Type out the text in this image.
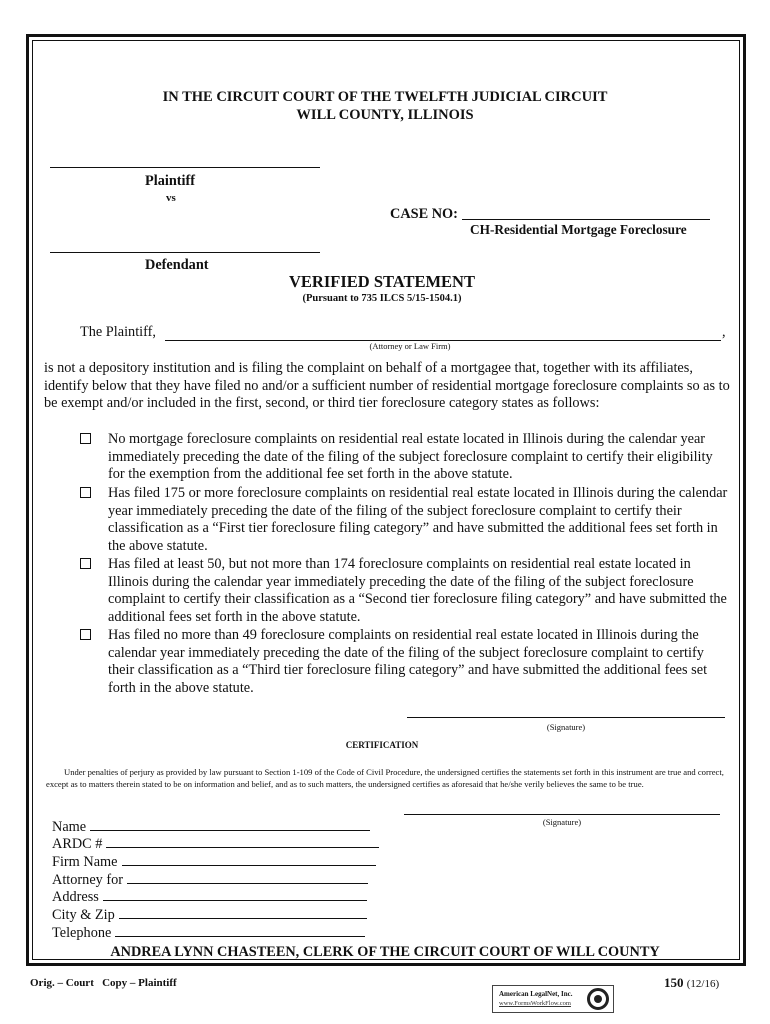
IN THE CIRCUIT COURT OF THE TWELFTH JUDICIAL CIRCUIT
WILL COUNTY, ILLINOIS
Plaintiff
vs
CASE NO:
CH-Residential Mortgage Foreclosure
Defendant
VERIFIED STATEMENT
(Pursuant to 735 ILCS 5/15-1504.1)
The Plaintiff,	,
(Attorney or Law Firm)
is not a depository institution and is filing the complaint on behalf of a mortgagee that, together with its affiliates, identify below that they have filed no and/or a sufficient number of residential mortgage foreclosure complaints so as to be exempt and/or included in the first, second, or third tier foreclosure category states as follows:
No mortgage foreclosure complaints on residential real estate located in Illinois during the calendar year immediately preceding the date of the filing of the subject foreclosure complaint to certify their eligibility for the exemption from the additional fee set forth in the above statute.
Has filed 175 or more foreclosure complaints on residential real estate located in Illinois during the calendar year immediately preceding the date of the filing of the subject foreclosure complaint to certify their classification as a “First tier foreclosure filing category” and have submitted the additional fees set forth in the above statute.
Has filed at least 50, but not more than 174 foreclosure complaints on residential real estate located in Illinois during the calendar year immediately preceding the date of the filing of the subject foreclosure complaint to certify their classification as a “Second tier foreclosure filing category” and have submitted the additional fees set forth in the above statute.
Has filed no more than 49 foreclosure complaints on residential real estate located in Illinois during the calendar year immediately preceding the date of the filing of the subject foreclosure complaint to certify their classification as a “Third tier foreclosure filing category” and have submitted the additional fees set forth in the above statute.
(Signature)
CERTIFICATION
Under penalties of perjury as provided by law pursuant to Section 1-109 of the Code of Civil Procedure, the undersigned certifies the statements set forth in this instrument are true and correct, except as to matters therein stated to be on information and belief, and as to such matters, the undersigned certifies as aforesaid that he/she verily believes the same to be true.
(Signature)
Name
ARDC #
Firm Name
Attorney for
Address
City & Zip
Telephone
ANDREA LYNN CHASTEEN, CLERK OF THE CIRCUIT COURT OF WILL COUNTY
Orig. – Court   Copy – Plaintiff	150 (12/16)
American LegalNet, Inc.
www.FormsWorkFlow.com
